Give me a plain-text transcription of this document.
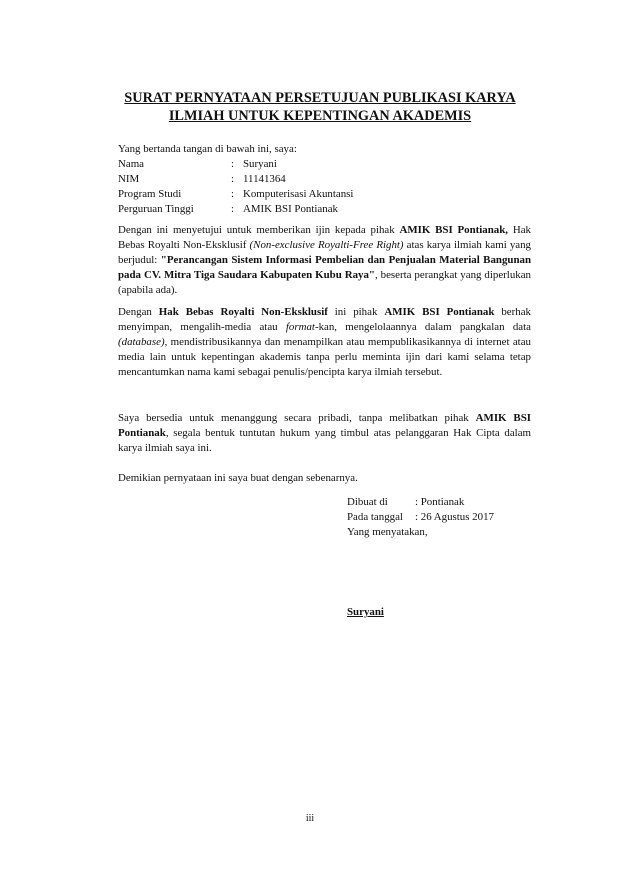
SURAT PERNYATAAN PERSETUJUAN PUBLIKASI KARYA
ILMIAH UNTUK KEPENTINGAN AKADEMIS
Yang bertanda tangan di bawah ini, saya:
Nama	: Suryani
NIM	: 11141364
Program Studi	: Komputerisasi Akuntansi
Perguruan Tinggi	: AMIK BSI Pontianak

Dengan ini menyetujui untuk memberikan ijin kepada pihak AMIK BSI Pontianak, Hak Bebas Royalti Non-Eksklusif (Non-exclusive Royalti-Free Right) atas karya ilmiah kami yang berjudul: "Perancangan Sistem Informasi Pembelian dan Penjualan Material Bangunan pada CV. Mitra Tiga Saudara Kabupaten Kubu Raya", beserta perangkat yang diperlukan (apabila ada).

Dengan Hak Bebas Royalti Non-Eksklusif ini pihak AMIK BSI Pontianak berhak menyimpan, mengalih-media atau format-kan, mengelolaannya dalam pangkalan data (database), mendistribusikannya dan menampilkan atau mempublikasikannya di internet atau media lain untuk kepentingan akademis tanpa perlu meminta ijin dari kami selama tetap mencantumkan nama kami sebagai penulis/pencipta karya ilmiah tersebut.

Saya bersedia untuk menanggung secara pribadi, tanpa melibatkan pihak AMIK BSI Pontianak, segala bentuk tuntutan hukum yang timbul atas pelanggaran Hak Cipta dalam karya ilmiah saya ini.

Demikian pernyataan ini saya buat dengan sebenarnya.

Dibuat di	: Pontianak
Pada tanggal	: 26 Agustus 2017
Yang menyatakan,
Suryani
iii
